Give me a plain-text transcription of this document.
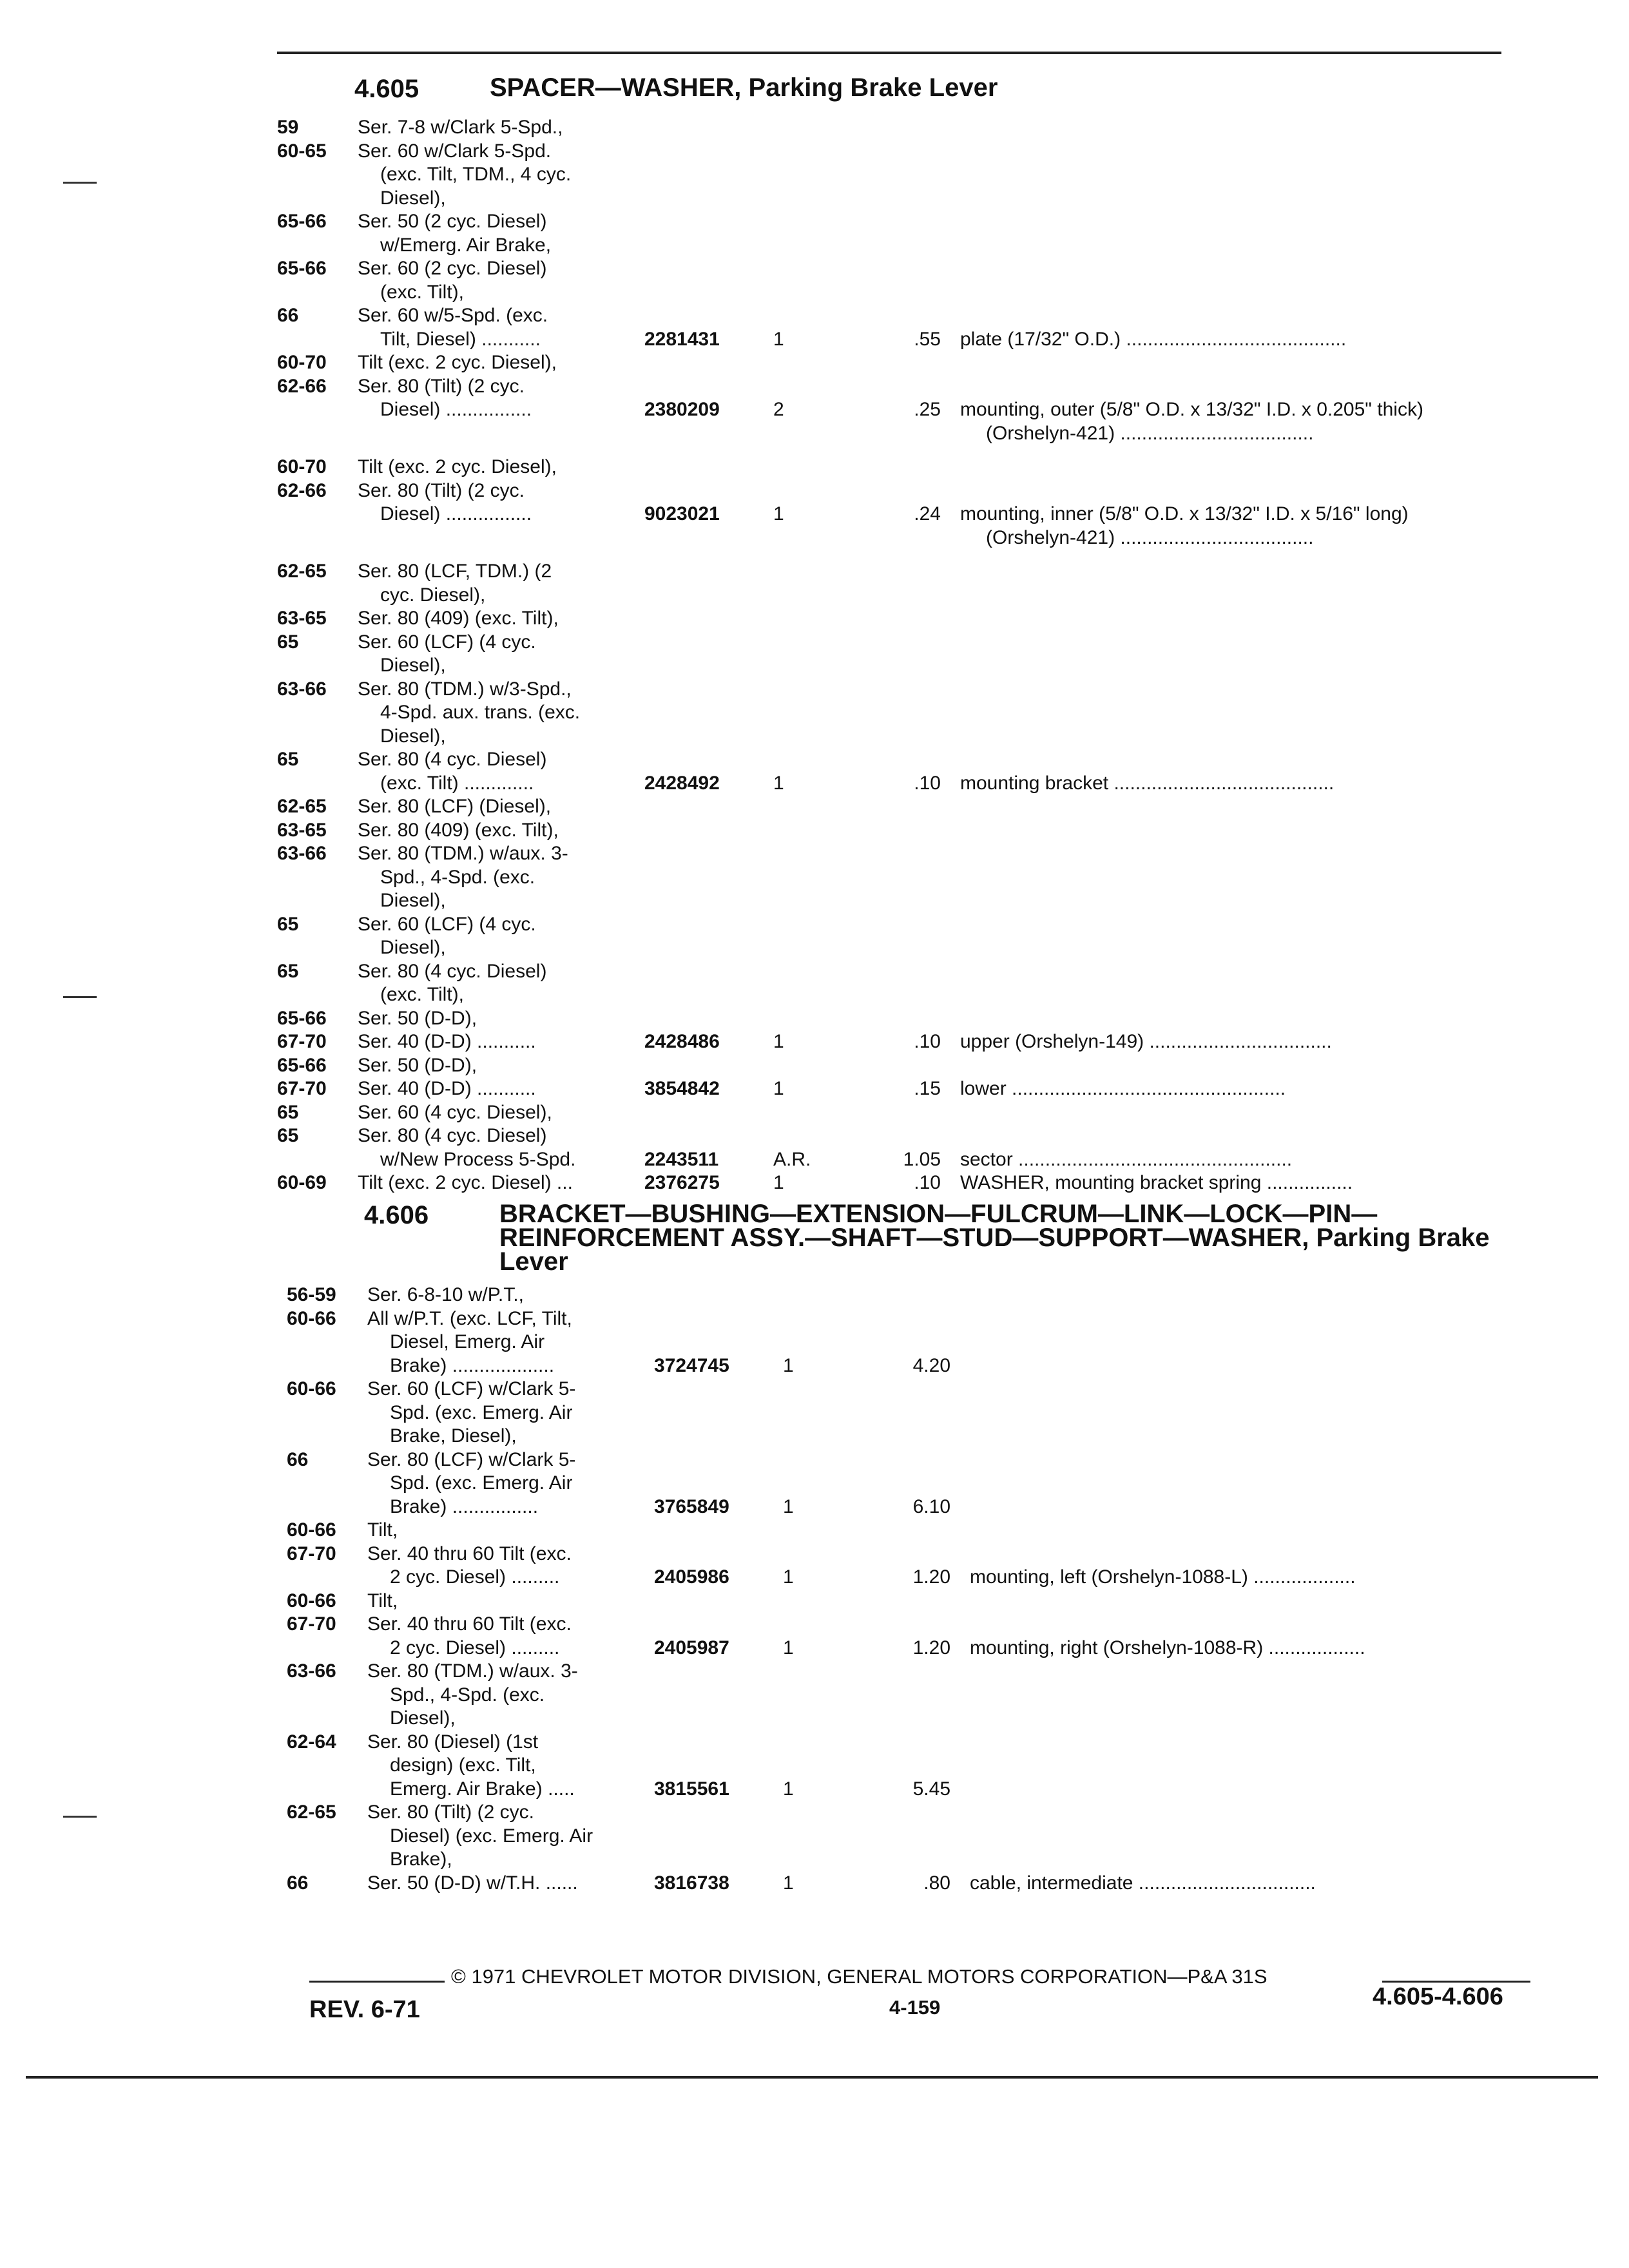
4.605	SPACER—WASHER, Parking Brake Lever
59	Ser. 7-8 w/Clark 5-Spd.,
60-65	Ser. 60 w/Clark 5-Spd.
(exc. Tilt, TDM., 4 cyc.
Diesel),
65-66	Ser. 50 (2 cyc. Diesel)
w/Emerg. Air Brake,
65-66	Ser. 60 (2 cyc. Diesel)
(exc. Tilt),
66	Ser. 60 w/5-Spd. (exc.
Tilt, Diesel) ...........	2281431	1	.55 plate (17/32" O.D.) .........................................
60-70	Tilt (exc. 2 cyc. Diesel),
62-66	Ser. 80 (Tilt) (2 cyc.
Diesel) ................	2380209	2	.25 mounting, outer (5/8" O.D. x 13/32" I.D. x 0.205" thick)
(Orshelyn-421) ....................................
60-70	Tilt (exc. 2 cyc. Diesel),
62-66	Ser. 80 (Tilt) (2 cyc.
Diesel) ................	9023021	1	.24 mounting, inner (5/8" O.D. x 13/32" I.D. x 5/16" long)
(Orshelyn-421) ....................................
62-65	Ser. 80 (LCF, TDM.) (2
cyc. Diesel),
63-65	Ser. 80 (409) (exc. Tilt),
65	Ser. 60 (LCF) (4 cyc.
Diesel),
63-66	Ser. 80 (TDM.) w/3-Spd.,
4-Spd. aux. trans. (exc.
Diesel),
65	Ser. 80 (4 cyc. Diesel)
(exc. Tilt) .............	2428492	1	.10 mounting bracket .........................................
62-65	Ser. 80 (LCF) (Diesel),
63-65	Ser. 80 (409) (exc. Tilt),
63-66	Ser. 80 (TDM.) w/aux. 3-
Spd., 4-Spd. (exc.
Diesel),
65	Ser. 60 (LCF) (4 cyc.
Diesel),
65	Ser. 80 (4 cyc. Diesel)
(exc. Tilt),
65-66	Ser. 50 (D-D),
67-70	Ser. 40 (D-D) ...........	2428486	1	.10 upper (Orshelyn-149) ..................................
65-66	Ser. 50 (D-D),
67-70	Ser. 40 (D-D) ...........	3854842	1	.15 lower ...................................................
65	Ser. 60 (4 cyc. Diesel),
65	Ser. 80 (4 cyc. Diesel)
w/New Process 5-Spd.	2243511	A.R.	1.05 sector ...................................................
60-69	Tilt (exc. 2 cyc. Diesel) ...	2376275	1	.10 WASHER, mounting bracket spring ................
4.606	BRACKET—BUSHING—EXTENSION—FULCRUM—LINK—LOCK—PIN—REINFORCEMENT ASSY.—SHAFT—STUD—SUPPORT—WASHER, Parking Brake Lever
56-59	Ser. 6-8-10 w/P.T.,
60-66	All w/P.T. (exc. LCF, Tilt,
Diesel, Emerg. Air
Brake) ...................	3724745	1	4.20
60-66	Ser. 60 (LCF) w/Clark 5-
Spd. (exc. Emerg. Air
Brake, Diesel),
66	Ser. 80 (LCF) w/Clark 5-
Spd. (exc. Emerg. Air
Brake) ................	3765849	1	6.10
60-66	Tilt,
67-70	Ser. 40 thru 60 Tilt (exc.
2 cyc. Diesel) .........	2405986	1	1.20 mounting, left (Orshelyn-1088-L) ...................
60-66	Tilt,
67-70	Ser. 40 thru 60 Tilt (exc.
2 cyc. Diesel) .........	2405987	1	1.20 mounting, right (Orshelyn-1088-R) ..................
63-66	Ser. 80 (TDM.) w/aux. 3-
Spd., 4-Spd. (exc.
Diesel),
62-64	Ser. 80 (Diesel) (1st
design) (exc. Tilt,
Emerg. Air Brake) .....	3815561	1	5.45
62-65	Ser. 80 (Tilt) (2 cyc.
Diesel) (exc. Emerg. Air
Brake),
66	Ser. 50 (D-D) w/T.H. ......	3816738	1	.80 cable, intermediate .................................
© 1971 CHEVROLET MOTOR DIVISION, GENERAL MOTORS CORPORATION—P&A 31S
REV. 6-71	4-159	4.605-4.606
